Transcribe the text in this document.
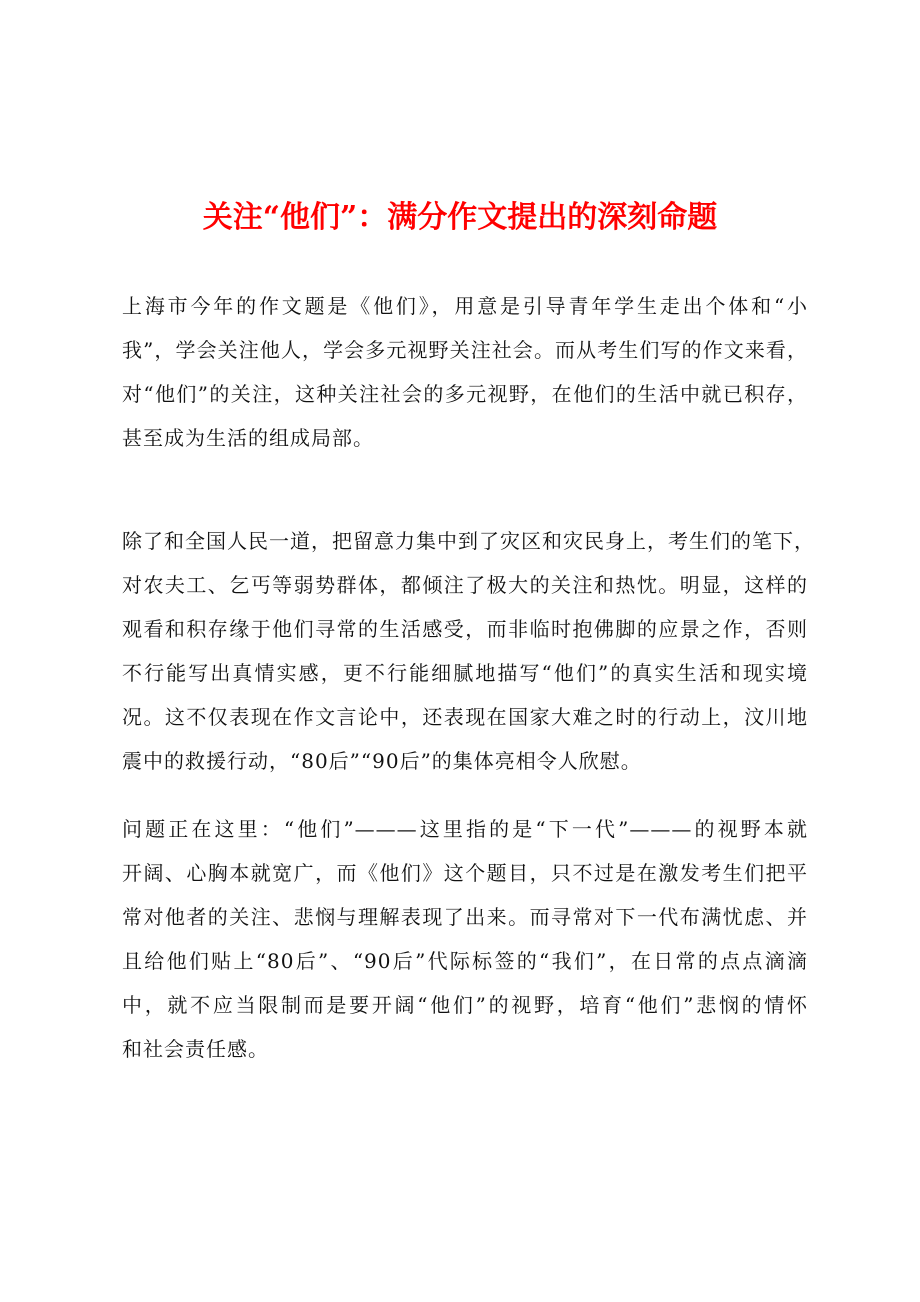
关注“他们”：满分作文提出的深刻命题
上海市今年的作文题是《他们》，用意是引导青年学生走出个体和“小
我”，学会关注他人，学会多元视野关注社会。而从考生们写的作文来看，
对“他们”的关注，这种关注社会的多元视野，在他们的生活中就已积存，
甚至成为生活的组成局部。
除了和全国人民一道，把留意力集中到了灾区和灾民身上，考生们的笔下，
对农夫工、乞丐等弱势群体，都倾注了极大的关注和热忱。明显，这样的
观看和积存缘于他们寻常的生活感受，而非临时抱佛脚的应景之作，否则
不行能写出真情实感，更不行能细腻地描写“他们”的真实生活和现实境
况。这不仅表现在作文言论中，还表现在国家大难之时的行动上，汶川地
震中的救援行动，“80后”“90后”的集体亮相令人欣慰。
问题正在这里：“他们”———这里指的是“下一代”———的视野本就
开阔、心胸本就宽广，而《他们》这个题目，只不过是在激发考生们把平
常对他者的关注、悲悯与理解表现了出来。而寻常对下一代布满忧虑、并
且给他们贴上“80后”、“90后”代际标签的“我们”，在日常的点点滴滴
中，就不应当限制而是要开阔“他们”的视野，培育“他们”悲悯的情怀
和社会责任感。
